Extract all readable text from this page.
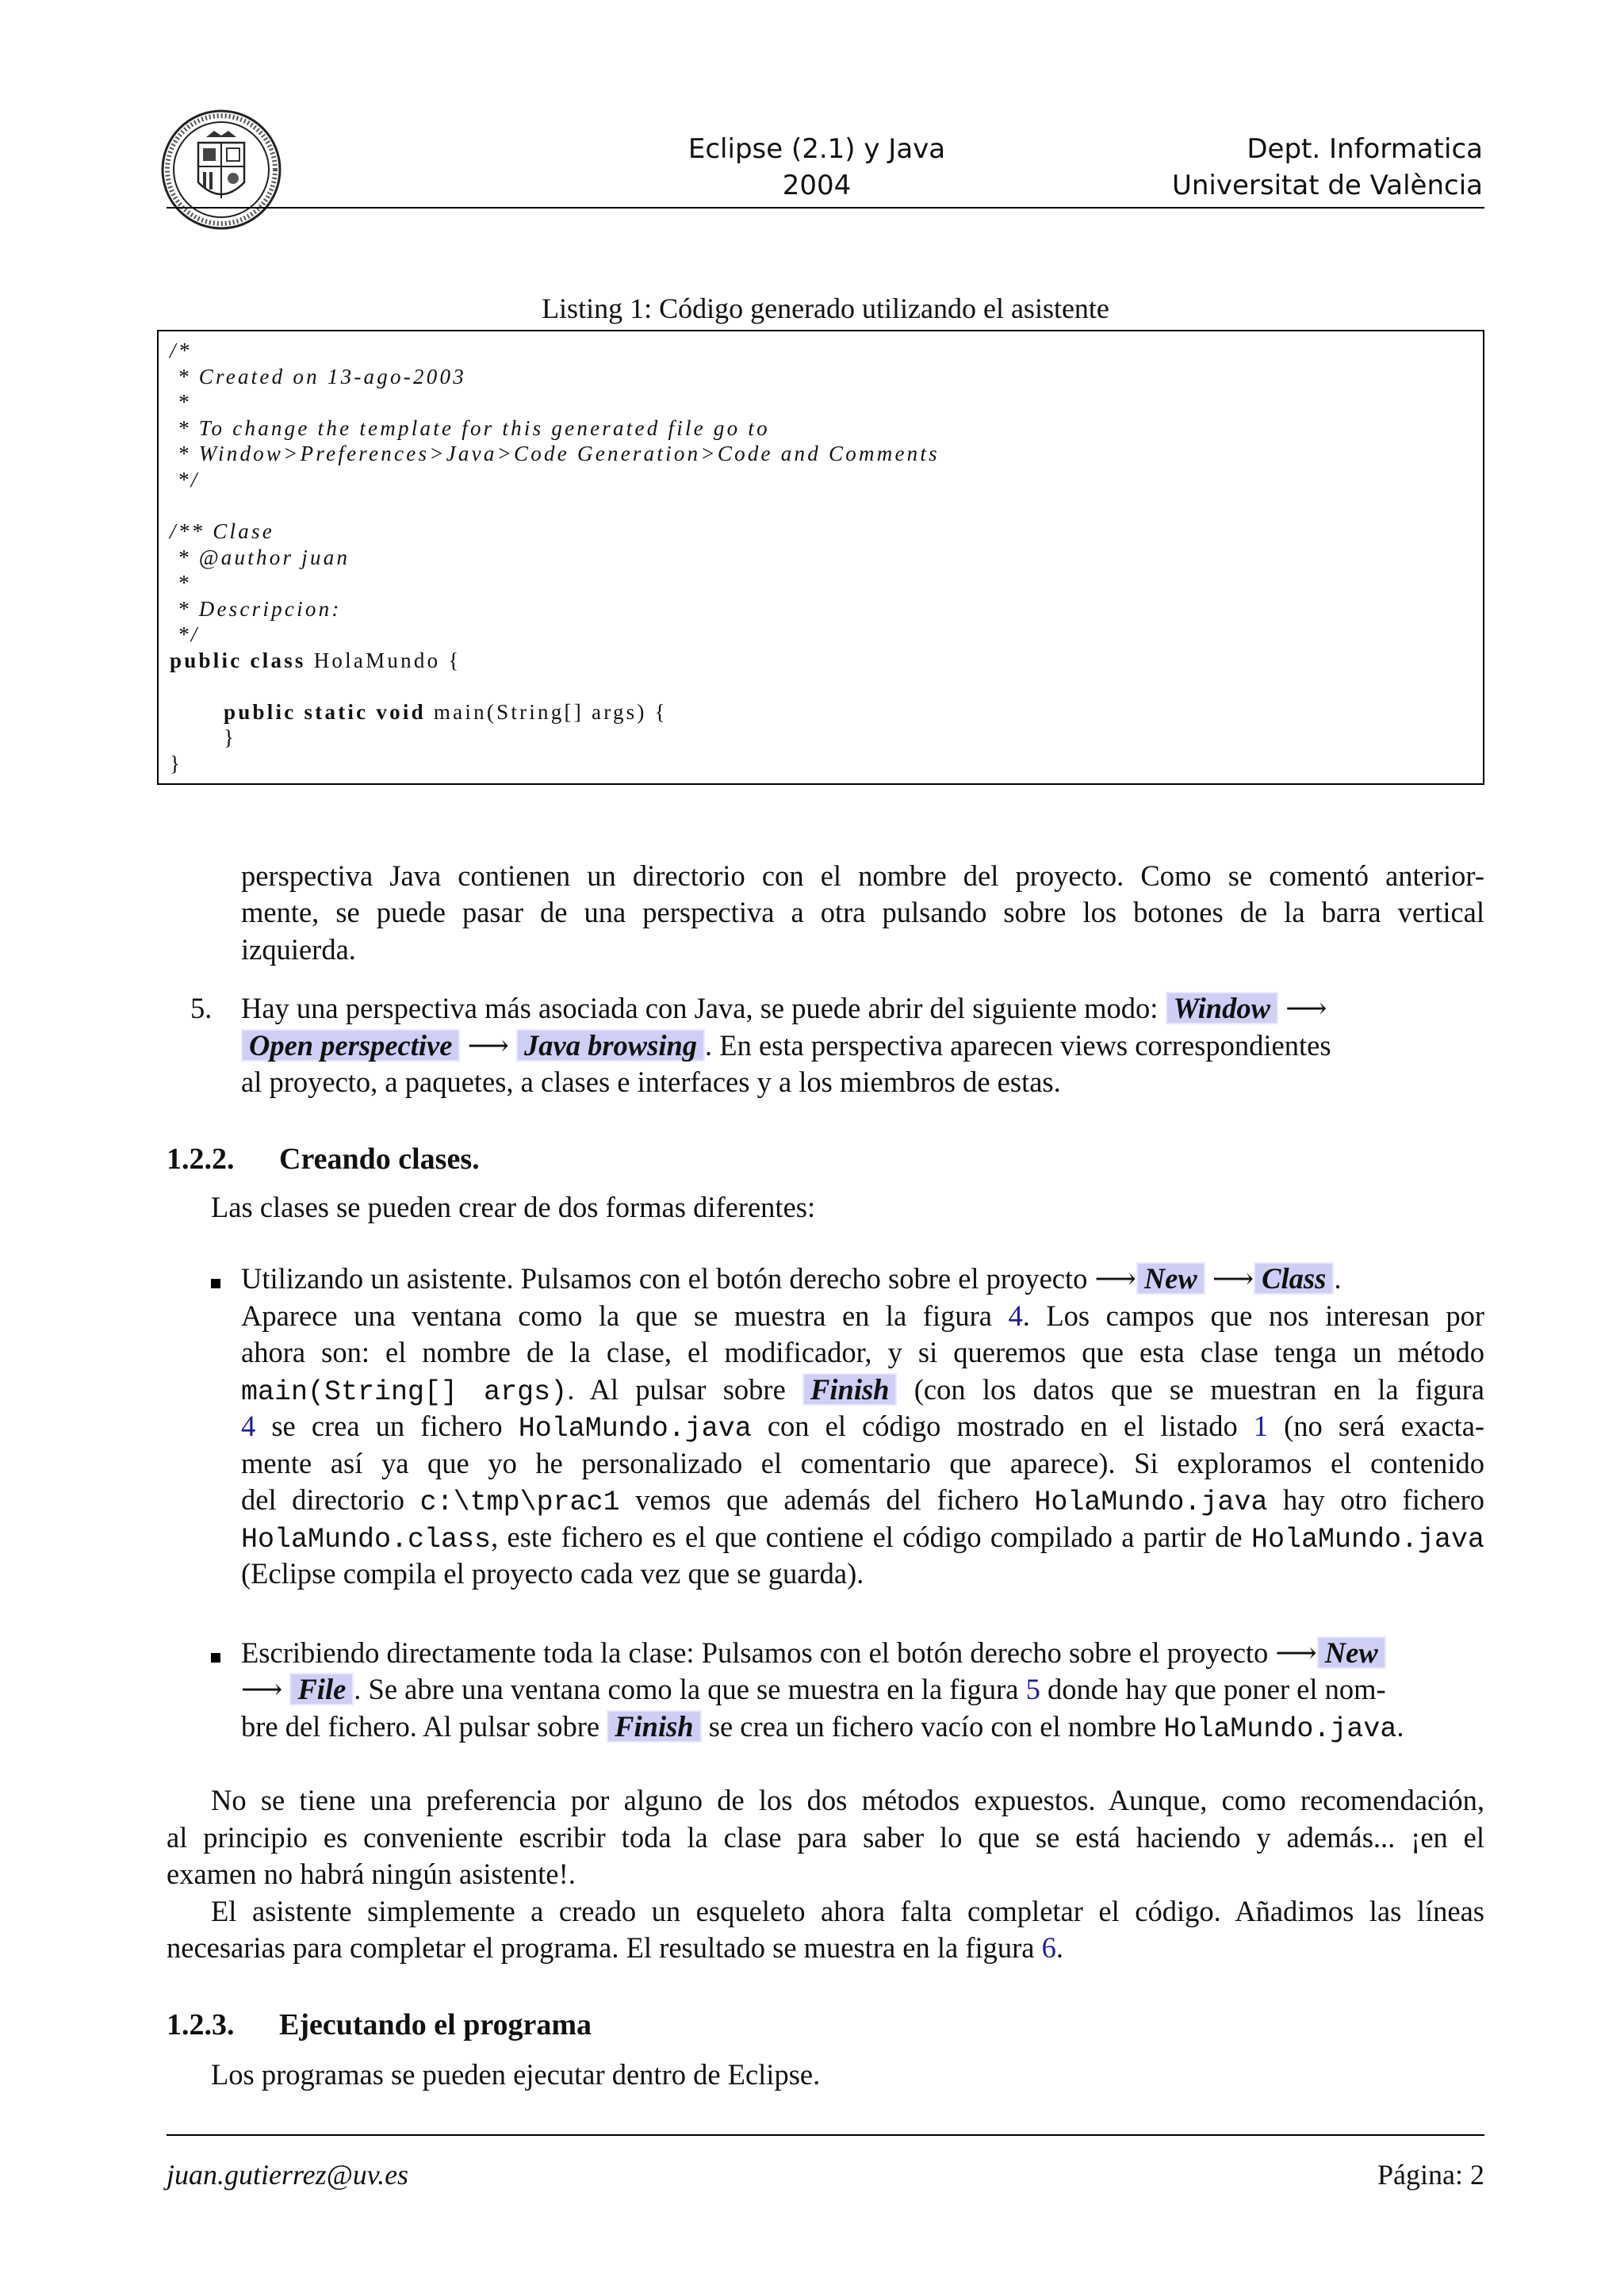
Eclipse (2.1) y Java
2004
Dept. Informatica
Universitat de València
Listing 1: Código generado utilizando el asistente
/*
* Created on 13-ago-2003
*
* To change the template for this generated file go to
* Window>Preferences>Java>Code Generation>Code and Comments
*/
/** Clase
* @author juan
*
* Descripcion:
*/
public class HolaMundo {
public static void main(String[] args) {
}
}
perspectiva Java contienen un directorio con el nombre del proyecto. Como se comentó anterior-
mente, se puede pasar de una perspectiva a otra pulsando sobre los botones de la barra vertical
izquierda.
5. Hay una perspectiva más asociada con Java, se puede abrir del siguiente modo: Window ⟶
Open perspective ⟶ Java browsing . En esta perspectiva aparecen views correspondientes
al proyecto, a paquetes, a clases e interfaces y a los miembros de estas.
1.2.2. Creando clases.
Las clases se pueden crear de dos formas diferentes:
Utilizando un asistente. Pulsamos con el botón derecho sobre el proyecto ⟶ New ⟶ Class .
Aparece una ventana como la que se muestra en la figura 4. Los campos que nos interesan por
ahora son: el nombre de la clase, el modificador, y si queremos que esta clase tenga un método
main(String[] args). Al pulsar sobre Finish (con los datos que se muestran en la figura
4 se crea un fichero HolaMundo.java con el código mostrado en el listado 1 (no será exacta-
mente así ya que yo he personalizado el comentario que aparece). Si exploramos el contenido
del directorio c:\tmp\prac1 vemos que además del fichero HolaMundo.java hay otro fichero
HolaMundo.class, este fichero es el que contiene el código compilado a partir de HolaMundo.java
(Eclipse compila el proyecto cada vez que se guarda).
Escribiendo directamente toda la clase: Pulsamos con el botón derecho sobre el proyecto ⟶ New
⟶ File . Se abre una ventana como la que se muestra en la figura 5 donde hay que poner el nom-
bre del fichero. Al pulsar sobre Finish se crea un fichero vacío con el nombre HolaMundo.java.
No se tiene una preferencia por alguno de los dos métodos expuestos. Aunque, como recomendación,
al principio es conveniente escribir toda la clase para saber lo que se está haciendo y además... ¡en el
examen no habrá ningún asistente!.
El asistente simplemente a creado un esqueleto ahora falta completar el código. Añadimos las líneas
necesarias para completar el programa. El resultado se muestra en la figura 6.
1.2.3. Ejecutando el programa
Los programas se pueden ejecutar dentro de Eclipse.
juan.gutierrez@uv.es	Página: 2
